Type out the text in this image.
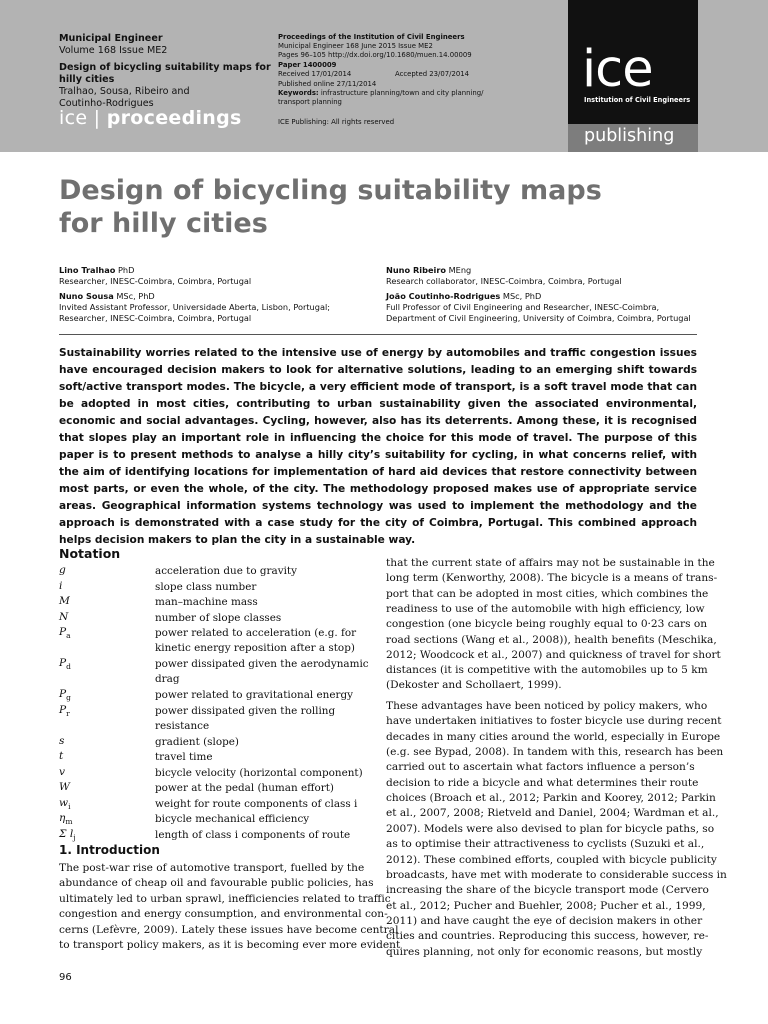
Municipal Engineer
Volume 168 Issue ME2
Design of bicycling suitability maps for
hilly cities
Tralhao, Sousa, Ribeiro and
Coutinho-Rodrigues
ice | proceedings
Proceedings of the Institution of Civil Engineers
Municipal Engineer 168 June 2015 Issue ME2
Pages 96–105 http://dx.doi.org/10.1680/muen.14.00009
Paper 1400009
Received 17/01/2014	Accepted 23/07/2014
Published online 27/11/2014
Keywords: infrastructure planning/town and city planning/
transport planning
ICE Publishing: All rights reserved
ice
Institution of Civil Engineers
publishing
Design of bicycling suitability maps
for hilly cities
Lino Tralhao PhD
Researcher, INESC-Coimbra, Coimbra, Portugal
Nuno Sousa MSc, PhD
Invited Assistant Professor, Universidade Aberta, Lisbon, Portugal;
Researcher, INESC-Coimbra, Coimbra, Portugal
Nuno Ribeiro MEng
Research collaborator, INESC-Coimbra, Coimbra, Portugal
João Coutinho-Rodrigues MSc, PhD
Full Professor of Civil Engineering and Researcher, INESC-Coimbra,
Department of Civil Engineering, University of Coimbra, Coimbra, Portugal
Sustainability worries related to the intensive use of energy by automobiles and traffic congestion issues have encouraged decision makers to look for alternative solutions, leading to an emerging shift towards soft/active transport modes. The bicycle, a very efficient mode of transport, is a soft travel mode that can be adopted in most cities, contributing to urban sustainability given the associated environmental, economic and social advantages. Cycling, however, also has its deterrents. Among these, it is recognised that slopes play an important role in influencing the choice for this mode of travel. The purpose of this paper is to present methods to analyse a hilly city’s suitability for cycling, in what concerns relief, with the aim of identifying locations for implementation of hard aid devices that restore connectivity between most parts, or even the whole, of the city. The methodology proposed makes use of appropriate service areas. Geographical information systems technology was used to implement the methodology and the approach is demonstrated with a case study for the city of Coimbra, Portugal. This combined approach helps decision makers to plan the city in a sustainable way.
Notation
g	acceleration due to gravity
i	slope class number
M	man–machine mass
N	number of slope classes
$P_a$	power related to acceleration (e.g. for
kinetic energy reposition after a stop)
$P_d$	power dissipated given the aerodynamic
drag
$P_g$	power related to gravitational energy
$P_r$	power dissipated given the rolling
resistance
s	gradient (slope)
t	travel time
v	bicycle velocity (horizontal component)
W	power at the pedal (human effort)
$w_i$	weight for route components of class i
$\eta_m$	bicycle mechanical efficiency
Σ $l_j$	length of class i components of route
1. Introduction
The post-war rise of automotive transport, fuelled by the
abundance of cheap oil and favourable public policies, has
ultimately led to urban sprawl, inefficiencies related to traffic
congestion and energy consumption, and environmental con-
cerns (Lefèvre, 2009). Lately these issues have become central
to transport policy makers, as it is becoming ever more evident
that the current state of affairs may not be sustainable in the
long term (Kenworthy, 2008). The bicycle is a means of trans-
port that can be adopted in most cities, which combines the
readiness to use of the automobile with high efficiency, low
congestion (one bicycle being roughly equal to 0·23 cars on
road sections (Wang et al., 2008)), health benefits (Meschika,
2012; Woodcock et al., 2007) and quickness of travel for short
distances (it is competitive with the automobiles up to 5 km
(Dekoster and Schollaert, 1999).
These advantages have been noticed by policy makers, who
have undertaken initiatives to foster bicycle use during recent
decades in many cities around the world, especially in Europe
(e.g. see Bypad, 2008). In tandem with this, research has been
carried out to ascertain what factors influence a person’s
decision to ride a bicycle and what determines their route
choices (Broach et al., 2012; Parkin and Koorey, 2012; Parkin
et al., 2007, 2008; Rietveld and Daniel, 2004; Wardman et al.,
2007). Models were also devised to plan for bicycle paths, so
as to optimise their attractiveness to cyclists (Suzuki et al.,
2012). These combined efforts, coupled with bicycle publicity
broadcasts, have met with moderate to considerable success in
increasing the share of the bicycle transport mode (Cervero
et al., 2012; Pucher and Buehler, 2008; Pucher et al., 1999,
2011) and have caught the eye of decision makers in other
cities and countries. Reproducing this success, however, re-
quires planning, not only for economic reasons, but mostly
96
